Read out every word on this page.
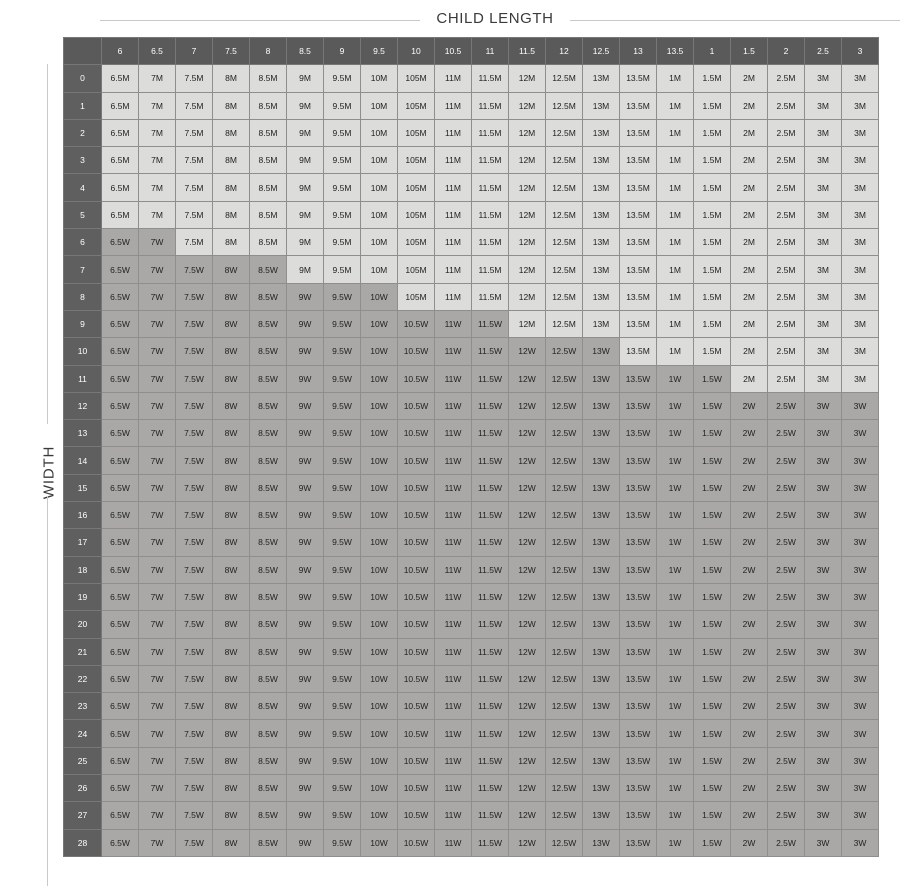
CHILD LENGTH
WIDTH
	6	6.5	7	7.5	8	8.5	9	9.5	10	10.5	11	11.5	12	12.5	13	13.5	1	1.5	2	2.5	3
0	6.5M	7M	7.5M	8M	8.5M	9M	9.5M	10M	105M	11M	11.5M	12M	12.5M	13M	13.5M	1M	1.5M	2M	2.5M	3M	3M
1	6.5M	7M	7.5M	8M	8.5M	9M	9.5M	10M	105M	11M	11.5M	12M	12.5M	13M	13.5M	1M	1.5M	2M	2.5M	3M	3M
2	6.5M	7M	7.5M	8M	8.5M	9M	9.5M	10M	105M	11M	11.5M	12M	12.5M	13M	13.5M	1M	1.5M	2M	2.5M	3M	3M
3	6.5M	7M	7.5M	8M	8.5M	9M	9.5M	10M	105M	11M	11.5M	12M	12.5M	13M	13.5M	1M	1.5M	2M	2.5M	3M	3M
4	6.5M	7M	7.5M	8M	8.5M	9M	9.5M	10M	105M	11M	11.5M	12M	12.5M	13M	13.5M	1M	1.5M	2M	2.5M	3M	3M
5	6.5M	7M	7.5M	8M	8.5M	9M	9.5M	10M	105M	11M	11.5M	12M	12.5M	13M	13.5M	1M	1.5M	2M	2.5M	3M	3M
6	6.5W	7W	7.5M	8M	8.5M	9M	9.5M	10M	105M	11M	11.5M	12M	12.5M	13M	13.5M	1M	1.5M	2M	2.5M	3M	3M
7	6.5W	7W	7.5W	8W	8.5W	9M	9.5M	10M	105M	11M	11.5M	12M	12.5M	13M	13.5M	1M	1.5M	2M	2.5M	3M	3M
8	6.5W	7W	7.5W	8W	8.5W	9W	9.5W	10W	105M	11M	11.5M	12M	12.5M	13M	13.5M	1M	1.5M	2M	2.5M	3M	3M
9	6.5W	7W	7.5W	8W	8.5W	9W	9.5W	10W	10.5W	11W	11.5W	12M	12.5M	13M	13.5M	1M	1.5M	2M	2.5M	3M	3M
10	6.5W	7W	7.5W	8W	8.5W	9W	9.5W	10W	10.5W	11W	11.5W	12W	12.5W	13W	13.5M	1M	1.5M	2M	2.5M	3M	3M
11	6.5W	7W	7.5W	8W	8.5W	9W	9.5W	10W	10.5W	11W	11.5W	12W	12.5W	13W	13.5W	1W	1.5W	2M	2.5M	3M	3M
12	6.5W	7W	7.5W	8W	8.5W	9W	9.5W	10W	10.5W	11W	11.5W	12W	12.5W	13W	13.5W	1W	1.5W	2W	2.5W	3W	3W
13	6.5W	7W	7.5W	8W	8.5W	9W	9.5W	10W	10.5W	11W	11.5W	12W	12.5W	13W	13.5W	1W	1.5W	2W	2.5W	3W	3W
14	6.5W	7W	7.5W	8W	8.5W	9W	9.5W	10W	10.5W	11W	11.5W	12W	12.5W	13W	13.5W	1W	1.5W	2W	2.5W	3W	3W
15	6.5W	7W	7.5W	8W	8.5W	9W	9.5W	10W	10.5W	11W	11.5W	12W	12.5W	13W	13.5W	1W	1.5W	2W	2.5W	3W	3W
16	6.5W	7W	7.5W	8W	8.5W	9W	9.5W	10W	10.5W	11W	11.5W	12W	12.5W	13W	13.5W	1W	1.5W	2W	2.5W	3W	3W
17	6.5W	7W	7.5W	8W	8.5W	9W	9.5W	10W	10.5W	11W	11.5W	12W	12.5W	13W	13.5W	1W	1.5W	2W	2.5W	3W	3W
18	6.5W	7W	7.5W	8W	8.5W	9W	9.5W	10W	10.5W	11W	11.5W	12W	12.5W	13W	13.5W	1W	1.5W	2W	2.5W	3W	3W
19	6.5W	7W	7.5W	8W	8.5W	9W	9.5W	10W	10.5W	11W	11.5W	12W	12.5W	13W	13.5W	1W	1.5W	2W	2.5W	3W	3W
20	6.5W	7W	7.5W	8W	8.5W	9W	9.5W	10W	10.5W	11W	11.5W	12W	12.5W	13W	13.5W	1W	1.5W	2W	2.5W	3W	3W
21	6.5W	7W	7.5W	8W	8.5W	9W	9.5W	10W	10.5W	11W	11.5W	12W	12.5W	13W	13.5W	1W	1.5W	2W	2.5W	3W	3W
22	6.5W	7W	7.5W	8W	8.5W	9W	9.5W	10W	10.5W	11W	11.5W	12W	12.5W	13W	13.5W	1W	1.5W	2W	2.5W	3W	3W
23	6.5W	7W	7.5W	8W	8.5W	9W	9.5W	10W	10.5W	11W	11.5W	12W	12.5W	13W	13.5W	1W	1.5W	2W	2.5W	3W	3W
24	6.5W	7W	7.5W	8W	8.5W	9W	9.5W	10W	10.5W	11W	11.5W	12W	12.5W	13W	13.5W	1W	1.5W	2W	2.5W	3W	3W
25	6.5W	7W	7.5W	8W	8.5W	9W	9.5W	10W	10.5W	11W	11.5W	12W	12.5W	13W	13.5W	1W	1.5W	2W	2.5W	3W	3W
26	6.5W	7W	7.5W	8W	8.5W	9W	9.5W	10W	10.5W	11W	11.5W	12W	12.5W	13W	13.5W	1W	1.5W	2W	2.5W	3W	3W
27	6.5W	7W	7.5W	8W	8.5W	9W	9.5W	10W	10.5W	11W	11.5W	12W	12.5W	13W	13.5W	1W	1.5W	2W	2.5W	3W	3W
28	6.5W	7W	7.5W	8W	8.5W	9W	9.5W	10W	10.5W	11W	11.5W	12W	12.5W	13W	13.5W	1W	1.5W	2W	2.5W	3W	3W
